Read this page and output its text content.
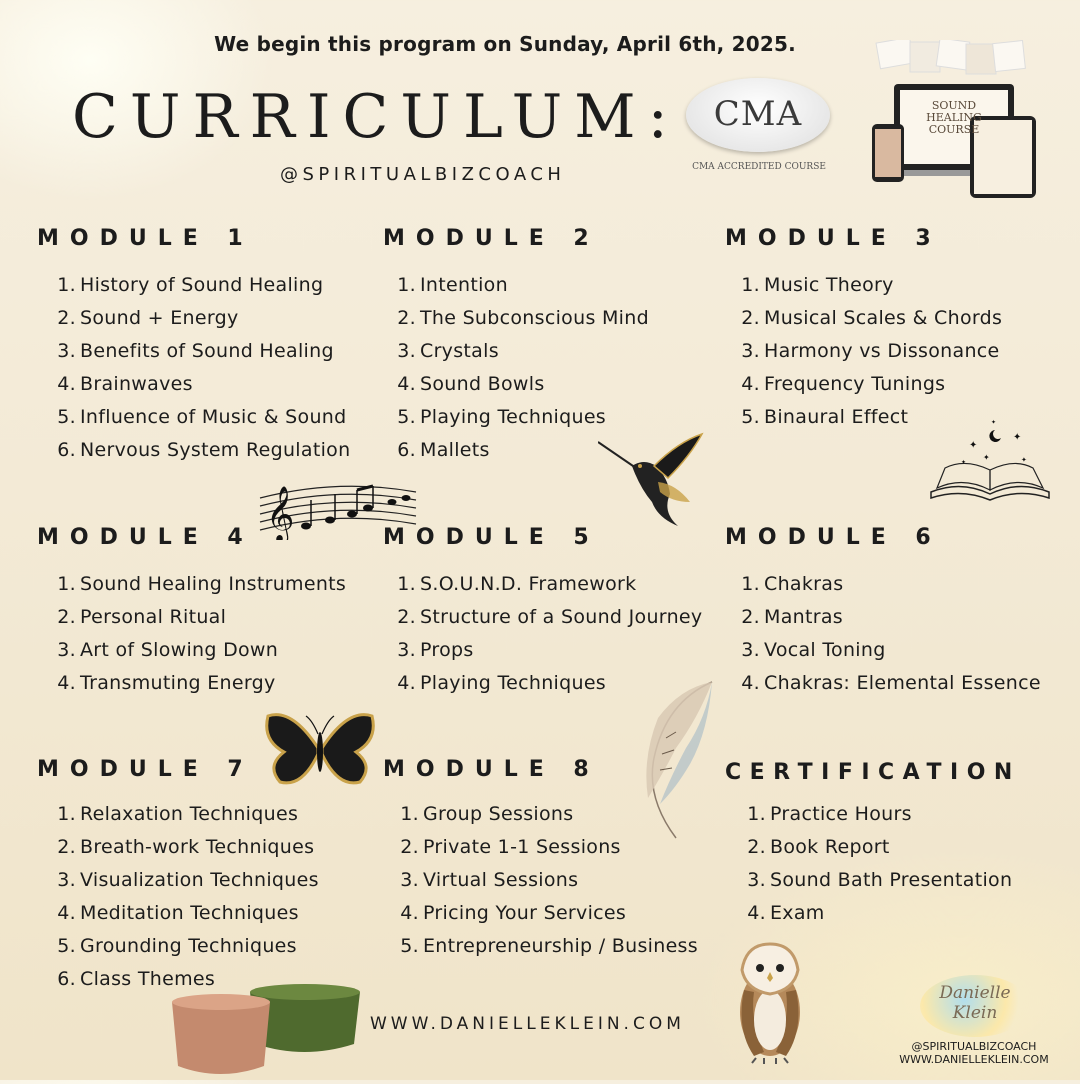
We begin this program on Sunday, April 6th, 2025.
CURRICULUM:
@SPIRITUALBIZCOACH
CMA
CMA ACCREDITED COURSE
SOUND HEALING COURSE
MODULE 1
1. History of Sound Healing
2. Sound + Energy
3. Benefits of Sound Healing
4. Brainwaves
5. Influence of Music & Sound
6. Nervous System Regulation
MODULE 2
1. Intention
2. The Subconscious Mind
3. Crystals
4. Sound Bowls
5. Playing Techniques
6. Mallets
MODULE 3
1. Music Theory
2. Musical Scales & Chords
3. Harmony vs Dissonance
4. Frequency Tunings
5. Binaural Effect
MODULE 4
1. Sound Healing Instruments
2. Personal Ritual
3. Art of Slowing Down
4. Transmuting Energy
MODULE 5
1. S.O.U.N.D. Framework
2. Structure of a Sound Journey
3. Props
4. Playing Techniques
MODULE 6
1. Chakras
2. Mantras
3. Vocal Toning
4. Chakras: Elemental Essence
MODULE 7
1. Relaxation Techniques
2. Breath-work Techniques
3. Visualization Techniques
4. Meditation Techniques
5. Grounding Techniques
6. Class Themes
MODULE 8
1. Group Sessions
2. Private 1-1 Sessions
3. Virtual Sessions
4. Pricing Your Services
5. Entrepreneurship / Business
CERTIFICATION
1. Practice Hours
2. Book Report
3. Sound Bath Presentation
4. Exam
𝄞
✦
✦
✦	✦
✦
✦
Danielle Klein
WWW.DANIELLEKLEIN.COM
@SPIRITUALBIZCOACH
WWW.DANIELLEKLEIN.COM
